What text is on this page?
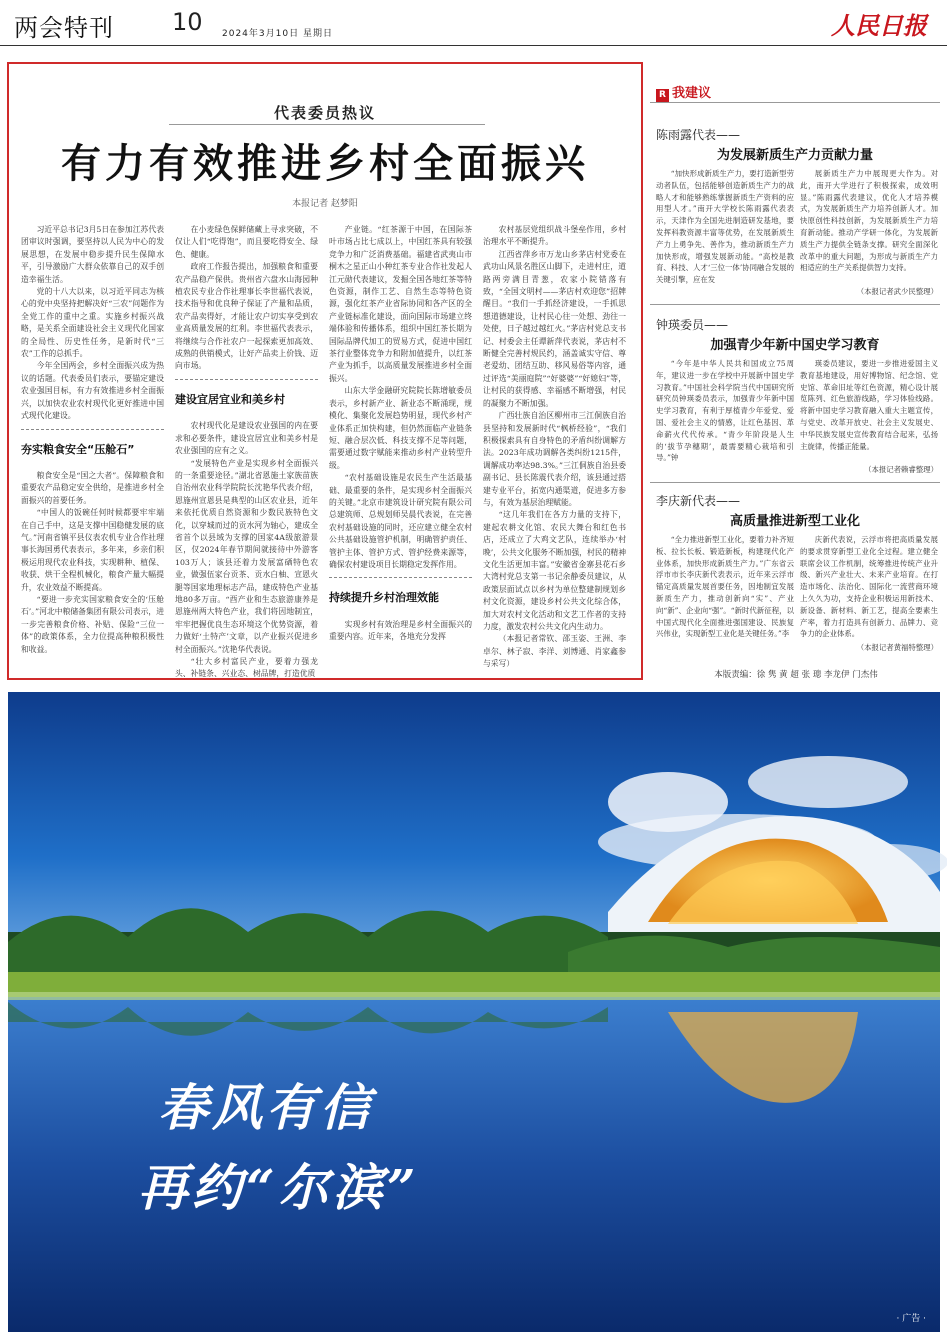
两会特刊 10 2024年3月10日 星期日	人民日报
代表委员热议
有力有效推进乡村全面振兴
本报记者 赵梦阳

习近平总书记3月5日在参加江苏代表团审议时强调，要坚持以人民为中心的发展思想，在发展中稳步提升民生保障水平，引导激励广大群众依靠自己的双手创造幸福生活。

党的十八大以来，以习近平同志为核心的党中央坚持把解决好“三农”问题作为全党工作的重中之重。实施乡村振兴战略，是关系全面建设社会主义现代化国家的全局性、历史性任务，是新时代“三农”工作的总抓手。

今年全国两会，乡村全面振兴成为热议的话题。代表委员们表示，要锚定建设农业强国目标，有力有效推进乡村全面振兴，以加快农业农村现代化更好推进中国式现代化建设。

夯实粮食安全“压舱石”

粮食安全是“国之大者”。保障粮食和重要农产品稳定安全供给，是推进乡村全面振兴的首要任务。

“中国人的饭碗任何时候都要牢牢端在自己手中，这是支撑中国稳健发展的底气。”河南省镇平县仪表农机专业合作社理事长海国勇代表表示，多年来，乡亲们积极运用现代农业科技，实现耕种、植保、收获、烘干全程机械化，粮食产量大幅提升，农业效益不断提高。

“要进一步充实国家粮食安全的‘压舱石’。”河北中粮储备集团有限公司表示，进一步完善粮食价格、补贴、保险“三位一体”的政策体系，全力位提高种粮积极性和收益。

在小麦绿色保鲜储藏上寻求突破，不仅让人们“吃得饱”，而且要吃得安全、绿色、健康。

政府工作报告提出，加强粮食和重要农产品稳产保供。贵州省六盘水山海园种植农民专业合作社理事长李世福代表说，技术指导和优良种子保证了产量和品质，农产品卖得好，才能让农户切实享受到农业高质量发展的红利。李世福代表表示，将继续与合作社农户一起探索更加高效、成熟的供销模式，让好产品卖上价钱、迈向市场。

建设宜居宜业和美乡村

农村现代化是建设农业强国的内在要求和必要条件，建设宜居宜业和美乡村是农业强国的应有之义。

“发展特色产业是实现乡村全面振兴的一条重要途径。”湖北省恩施土家族苗族自治州农业科学院院长沈艳华代表介绍，恩施州宣恩县是典型的山区农业县，近年来依托优质自然资源和少数民族特色文化，以穿城而过的贡水河为轴心，建成全省首个以县域为支撑的国家4A级旅游景区，仅2024年春节期间就接待中外游客103万人；该县还着力发展富硒特色农业，做强伍家台贡茶、贡水白柚、宣恩火腿等国家地理标志产品，建成特色产业基地80多万亩。“酉产业和生态旅游康养是恩施州两大特色产业，我们将因地制宜，牢牢把握优良生态环境这个优势资源，着力做好‘土特产’文章，以产业振兴促进乡村全面振兴。”沈艳华代表说。

“壮大乡村富民产业，要着力强龙头、补链条、兴业态、树品牌，打造优质

产业链。“红茶源于中国，在国际茶叶市场占比七成以上，中国红茶具有较强竞争力和广泛消费基础。福建省武夷山市桐木之星正山小种红茶专业合作社发起人江元勋代表建议，发掘全国各地红茶等特色资源，制作工艺、自然生态等特色资源，强化红茶产业省际协同和各产区的全产业链标准化建设，面向国际市场建立终端体验和传播体系，组织中国红茶长期为国际品牌代加工的贸易方式，促进中国红茶行业整体竞争力和附加值提升，以红茶产业为抓手，以高质量发展推进乡村全面振兴。

山东大学金融研究院院长陈增敏委员表示，乡村新产业、新业态不断涌现，规模化、集聚化发展趋势明显，现代乡村产业体系正加快构建，但仍然面临产业链条短、融合层次低、科技支撑不足等问题，需要通过数字赋能来推动乡村产业转型升级。

“农村基础设施是农民生产生活最基础、最重要的条件，是实现乡村全面振兴的关键。”北京市建筑设计研究院有限公司总建筑师、总规划师吴晨代表说，在完善农村基础设施的同时，还应建立健全农村公共基础设施管护机制，明确管护责任、管护主体、管护方式、管护经费来源等，确保农村建设项目长期稳定发挥作用。

持续提升乡村治理效能

实现乡村有效治理是乡村全面振兴的重要内容。近年来，各地充分发挥

农村基层党组织战斗堡垒作用，乡村治理水平不断提升。

江西省萍乡市万龙山乡茅店村党委在武功山风景名胜区山脚下，走进村庄，道路两旁满目青葱，农家小院错落有致，“全国文明村——茅店村欢迎您”招牌醒目。“我们一手抓经济建设，一手抓思想道德建设，让村民心往一处想、劲往一处使，日子越过越红火。”茅店村党总支书记、村委会主任谭新萍代表说，茅店村不断健全完善村规民约，涵盖诚实守信、尊老爱幼、团结互助、移风易俗等内容，通过评选“美丽庭院”“好婆婆”“好媳妇”等，让村民的获得感、幸福感不断增强，村民的凝聚力不断加强。

广西壮族自治区柳州市三江侗族自治县坚持和发展新时代“枫桥经验”，“我们积极探索具有自身特色的矛盾纠纷调解方法。2023年成功调解各类纠纷1215件，调解成功率达98.3%。”三江侗族自治县委副书记、县长陈震代表介绍，该县通过搭建专业平台，拓宽内通渠道，促进多方参与，有效为基层治理赋能。

“这几年我们在各方力量的支持下，建起农耕文化馆、农民大舞台和红色书店，还成立了大鸡文艺队，连续举办‘村晚’，公共文化服务不断加强，村民的精神文化生活更加丰富。”安徽省金寨县花石乡大湾村党总支第一书记余静委员建议，从政策层面试点以乡村为单位整建制规划乡村文化资源，建设乡村公共文化综合体，加大对农村文化活动和文艺工作者的支持力度，激发农村公共文化内生动力。

（本报记者常钦、邵玉姿、王洲、李卓尔、林子寂、李洋、刘博通、肖家鑫参与采写）

R 我建议
陈雨露代表——
为发展新质生产力贡献力量

“加快形成新质生产力，要打造新型劳动者队伍，包括能够创造新质生产力的战略人才和能够熟练掌握新质生产资料的应用型人才。”南开大学校长陈雨露代表表示，天津作为全国先进制造研发基地，要发挥科教资源丰富等优势，在发展新质生产力上勇争先、善作为，推动新质生产力加快形成，增强发展新动能。“高校是教育、科技、人才‘三位一体’协同融合发展的关键引擎，应在发

展新质生产力中展现更大作为。对此，南开大学进行了积极探索，成效明显。”陈雨露代表建议，优化人才培养模式，为发展新质生产力培养创新人才。加快原创性科技创新，为发展新质生产力培育新动能。推动产学研一体化，为发展新质生产力提供全链条支撑。研究全面深化改革中的重大问题，为形成与新质生产力相适应的生产关系提供智力支持。

（本报记者武少民整理）
钟瑛委员——
加强青少年新中国史学习教育

“今年是中华人民共和国成立75周年，建议进一步在学校中开展新中国史学习教育。”中国社会科学院当代中国研究所研究员钟瑛委员表示，加强青少年新中国史学习教育，有利于厚植青少年爱党、爱国、爱社会主义的情感，让红色基因、革命薪火代代传承。“青少年阶段是人生的‘拔节孕穗期’，最需要精心栽培和引导。”钟

瑛委员建议，要进一步推进爱国主义教育基地建设，用好博物馆、纪念馆、党史馆、革命旧址等红色资源，精心设计展览陈列、红色旅游线路，学习体验线路。将新中国史学习教育融入重大主题宣传，与党史、改革开放史、社会主义发展史、中华民族发展史宣传教育结合起来，弘扬主旋律，传播正能量。

（本报记者赖睿整理）
李庆新代表——
高质量推进新型工业化

“全力推进新型工业化，要着力补齐短板、拉长长板、锻造新板，构建现代化产业体系，加快形成新质生产力。”广东省云浮市市长李庆新代表表示，近年来云浮市锚定高质量发展首要任务，因地制宜发展新质生产力，推动创新向“实”、产业向“新”、企业向“强”。“新时代新征程，以中国式现代化全面推进强国建设、民族复兴伟业，实现新型工业化是关键任务。”李

庆新代表说，云浮市将把高质量发展的要求贯穿新型工业化全过程。建立健全联席会议工作机制，统筹推进传统产业升级、新兴产业壮大、未来产业培育。在打造市场化、法治化、国际化一流营商环境上久久为功，支持企业积极运用新技术、新设备、新材料、新工艺，提高全要素生产率，着力打造具有创新力、品牌力、竞争力的企业体系。

（本报记者黄福特整理）
本版责编：徐 隽 黄 超 张 璁 李龙伊 门杰伟
春风有信
再约“尔滨”
· 广告 ·
